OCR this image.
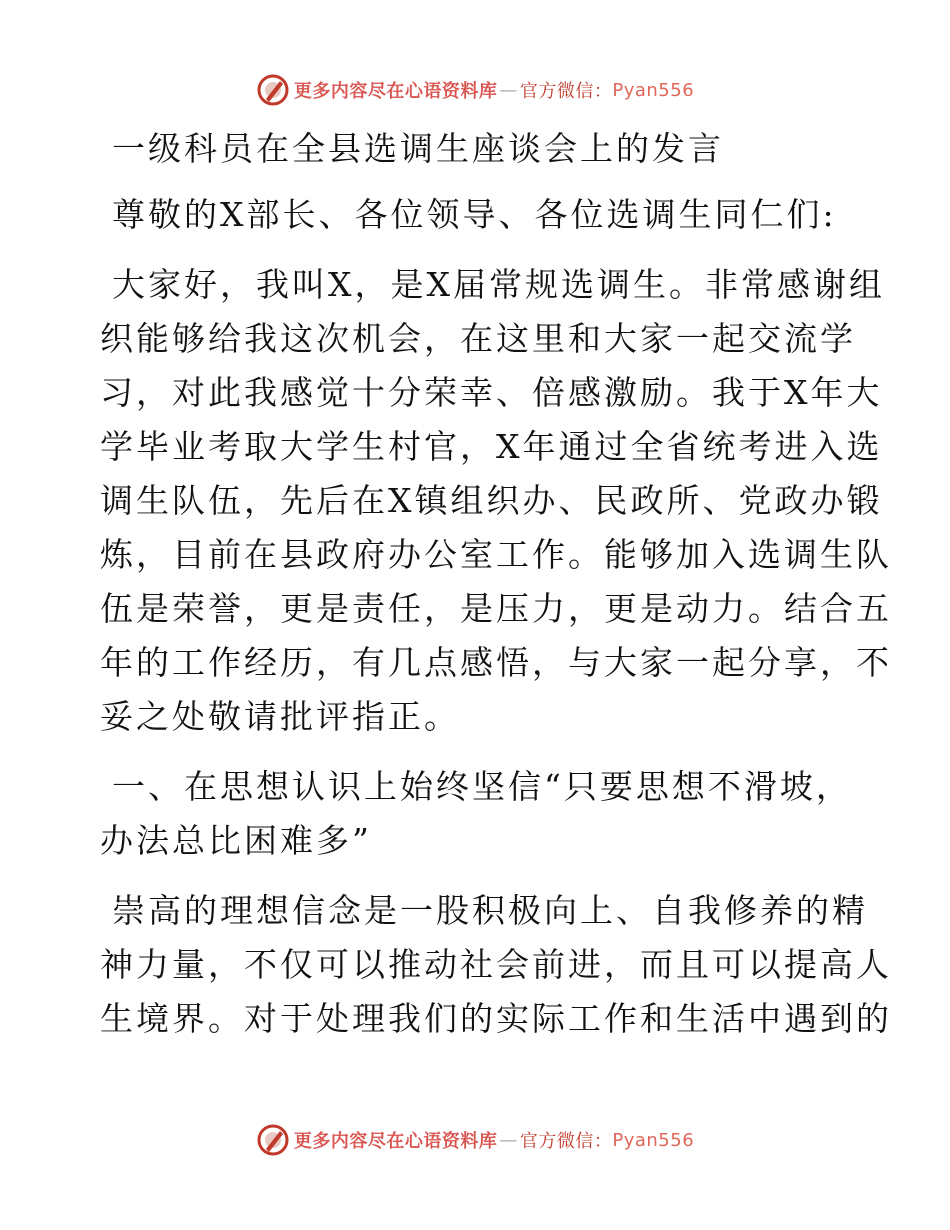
更多内容尽在心语资料库 — 官方微信： Pyan556
一级科员在全县选调生座谈会上的发言
尊敬的X部长、各位领导、各位选调生同仁们:
大家好，我叫X，是X届常规选调生。非常感谢组
织能够给我这次机会，在这里和大家一起交流学
习，对此我感觉十分荣幸、倍感激励。我于X年大
学毕业考取大学生村官，X年通过全省统考进入选
调生队伍，先后在X镇组织办、民政所、党政办锻
炼，目前在县政府办公室工作。能够加入选调生队
伍是荣誉，更是责任，是压力，更是动力。结合五
年的工作经历，有几点感悟，与大家一起分享，不
妥之处敬请批评指正。
一、在思想认识上始终坚信“只要思想不滑坡，
办法总比困难多”
崇高的理想信念是一股积极向上、自我修养的精
神力量，不仅可以推动社会前进，而且可以提高人
生境界。对于处理我们的实际工作和生活中遇到的
更多内容尽在心语资料库 — 官方微信： Pyan556
